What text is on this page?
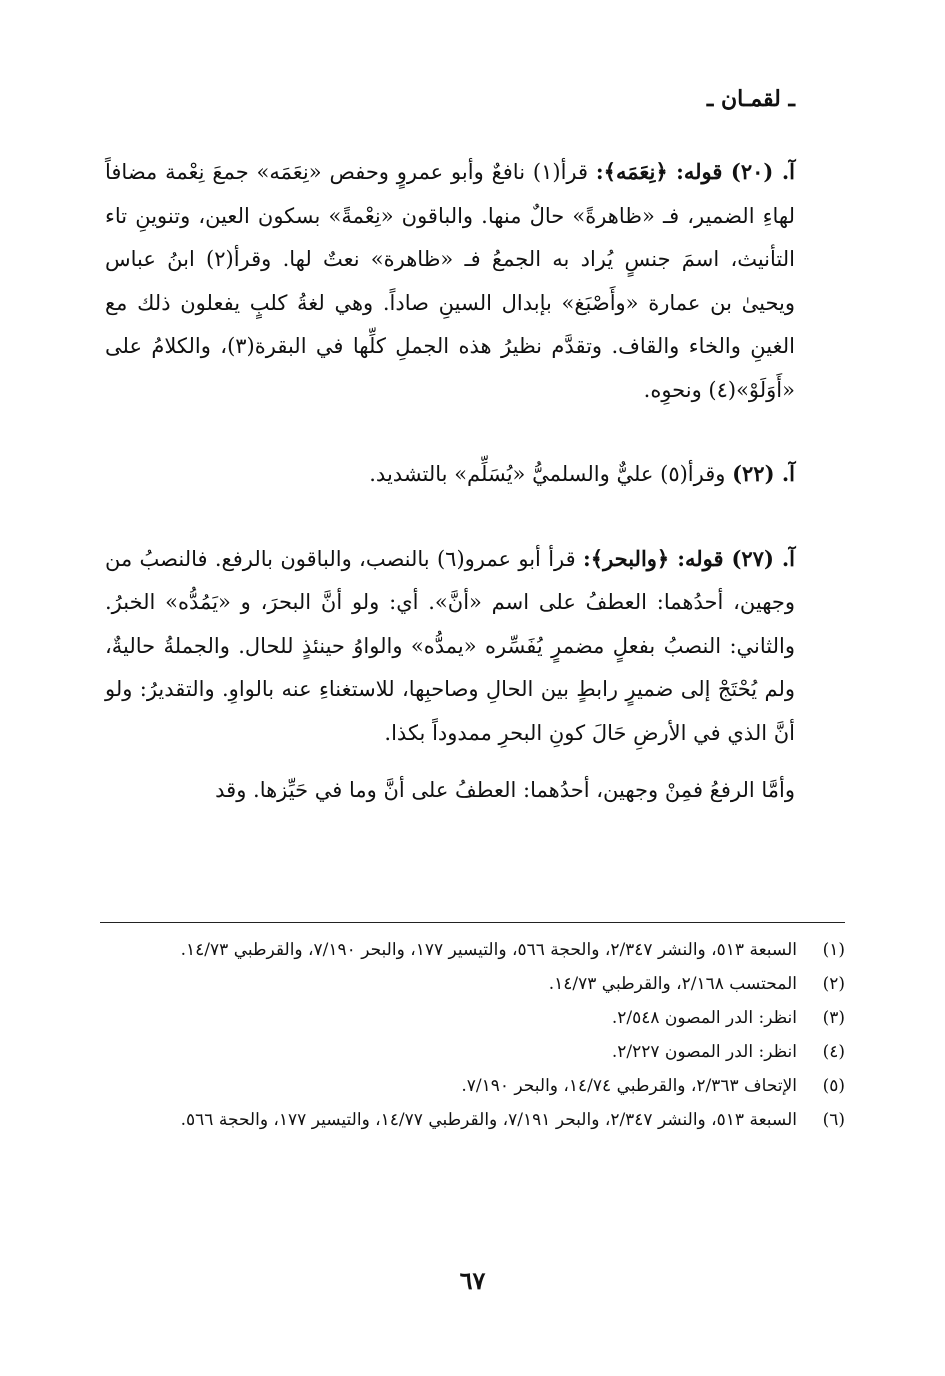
ـ لقمـان ـ

آ. (٢٠) قوله: ﴿نِعَمَه﴾: قرأ(١) نافعٌ وأبو عمروٍ وحفص «نِعَمَه» جمعَ نِعْمة مضافاً لهاءِ الضمير، فـ «ظاهرةً» حالٌ منها. والباقون «نِعْمةً» بسكون العين، وتنوينِ تاء التأنيث، اسمَ جنسٍ يُراد به الجمعُ فـ «ظاهرة» نعتٌ لها. وقرأ(٢) ابنُ عباس ويحيىٰ بن عمارة «وأَصْبَغ» بإبدال السينِ صاداً. وهي لغةُ كلبٍ يفعلون ذلك مع الغينِ والخاء والقاف. وتقدَّم نظيرُ هذه الجملِ كلِّها في البقرة(٣)، والكلامُ على «أَوَلَوْ»(٤) ونحوِه.

آ. (٢٢) وقرأ(٥) عليٌّ والسلميُّ «يُسَلِّم» بالتشديد.

آ. (٢٧) قوله: ﴿والبحر﴾: قرأ أبو عمرو(٦) بالنصب، والباقون بالرفع. فالنصبُ من وجهين، أحدُهما: العطفُ على اسم «أنَّ». أي: ولو أنَّ البحرَ، و «يَمُدُّه» الخبرُ. والثاني: النصبُ بفعلٍ مضمرٍ يُفَسِّره «يمدُّه» والواوُ حينئذٍ للحال. والجملةُ حاليةٌ، ولم يُحْتَجْ إلى ضميرٍ رابطٍ بين الحالِ وصاحبِها، للاستغناءِ عنه بالواوِ. والتقديرُ: ولو أنَّ الذي في الأرضِ حَالَ كونِ البحرِ ممدوداً بكذا.

وأمَّا الرفعُ فمِنْ وجهين، أحدُهما: العطفُ على أنَّ وما في حَيِّزها. وقد

(١)
السبعة ٥١٣، والنشر ٢/٣٤٧، والحجة ٥٦٦، والتيسير ١٧٧، والبحر ٧/١٩٠، والقرطبي ١٤/٧٣.
(٢)
المحتسب ٢/١٦٨، والقرطبي ١٤/٧٣.
(٣)
انظر: الدر المصون ٢/٥٤٨.
(٤)
انظر: الدر المصون ٢/٢٢٧.
(٥)
الإتحاف ٢/٣٦٣، والقرطبي ١٤/٧٤، والبحر ٧/١٩٠.
(٦)
السبعة ٥١٣، والنشر ٢/٣٤٧، والبحر ٧/١٩١، والقرطبي ١٤/٧٧، والتيسير ١٧٧، والحجة ٥٦٦.
٦٧
